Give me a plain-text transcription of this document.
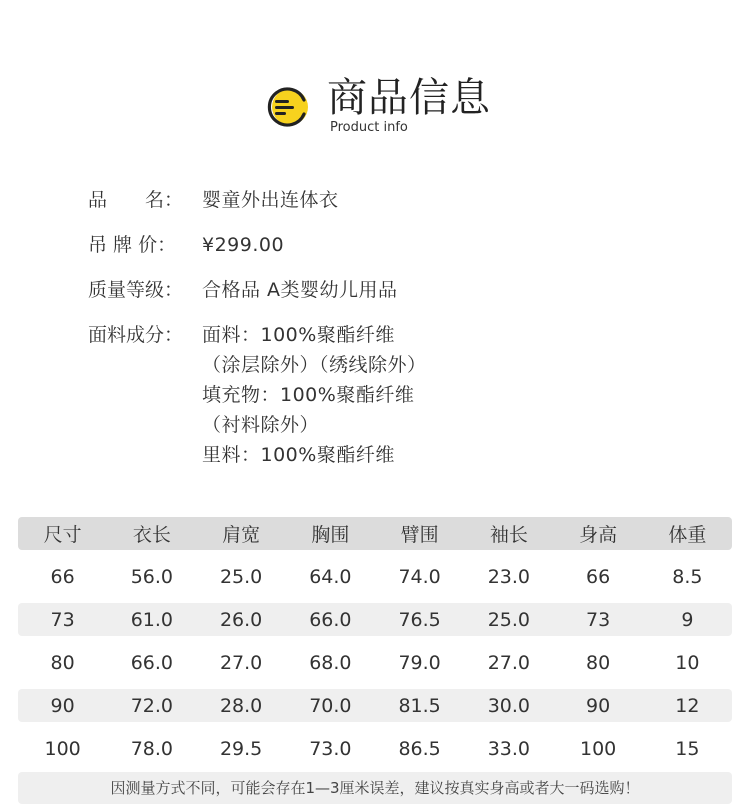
商品信息
Product info
品　　名： 婴童外出连体衣
吊 牌 价：	¥299.00
质量等级： 合格品 A类婴幼儿用品
面料成分： 面料：100%聚酯纤维
（涂层除外）（绣线除外）
填充物：100%聚酯纤维
（衬料除外）
里料：100%聚酯纤维
尺寸	衣长	肩宽	胸围	臂围	袖长	身高	体重
66	56.0	25.0	64.0	74.0	23.0	66	8.5
73	61.0	26.0	66.0	76.5	25.0	73	9
80	66.0	27.0	68.0	79.0	27.0	80	10
90	72.0	28.0	70.0	81.5	30.0	90	12
100	78.0	29.5	73.0	86.5	33.0	100	15
因测量方式不同，可能会存在1—3厘米误差，建议按真实身高或者大一码选购！
